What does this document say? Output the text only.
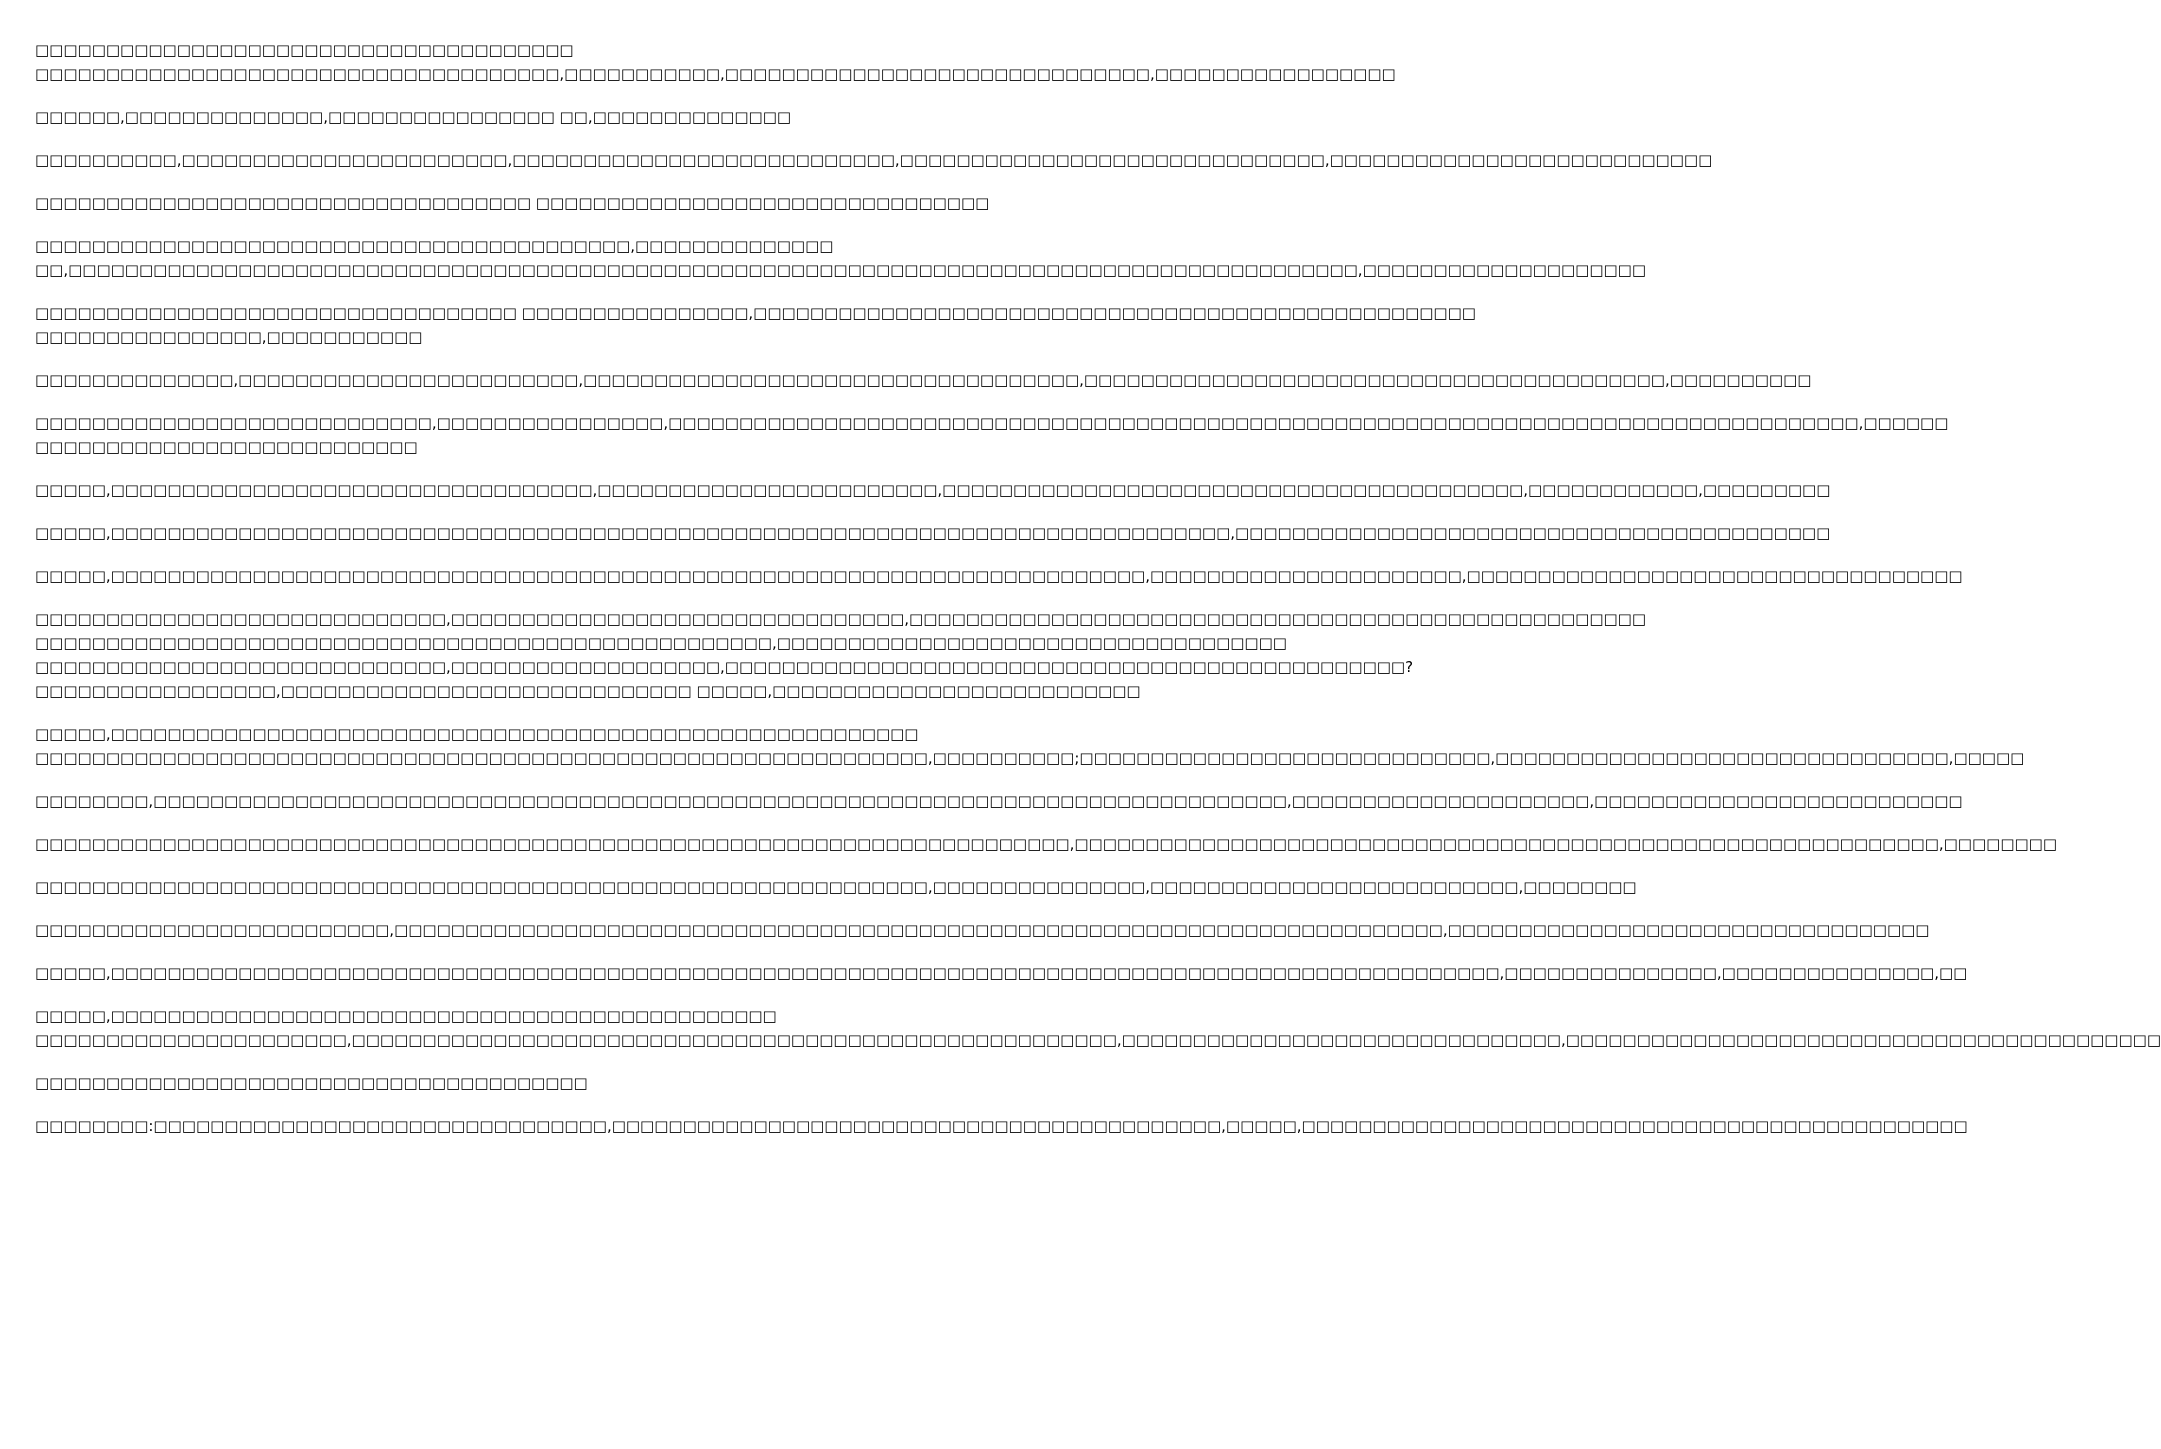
□□□□□□□□□□□□□□□□□□□□□□□□□□□□□□□□□□□□□□
□□□□□□□□□□□□□□□□□□□□□□□□□□□□□□□□□□□□□,□□□□□□□□□□□,□□□□□□□□□□□□□□□□□□□□□□□□□□□□□□,□□□□□□□□□□□□□□□□□
□□□□□□,□□□□□□□□□□□□□□,□□□□□□□□□□□□□□□□ □□,□□□□□□□□□□□□□□
□□□□□□□□□□,□□□□□□□□□□□□□□□□□□□□□□□,□□□□□□□□□□□□□□□□□□□□□□□□□□□,□□□□□□□□□□□□□□□□□□□□□□□□□□□□□□,□□□□□□□□□□□□□□□□□□□□□□□□□□□
□□□□□□□□□□□□□□□□□□□□□□□□□□□□□□□□□□□ □□□□□□□□□□□□□□□□□□□□□□□□□□□□□□□□
□□□□□□□□□□□□□□□□□□□□□□□□□□□□□□□□□□□□□□□□□□,□□□□□□□□□□□□□□
□□,□□□□□□□□□□□□□□□□□□□□□□□□□□□□□□□□□□□□□□□□□□□□□□□□□□□□□□□□□□□□□□□□□□□□□□□□□□□□□□□□□□□□□□□□□□□,□□□□□□□□□□□□□□□□□□□□
□□□□□□□□□□□□□□□□□□□□□□□□□□□□□□□□□□ □□□□□□□□□□□□□□□□,□□□□□□□□□□□□□□□□□□□□□□□□□□□□□□□□□□□□□□□□□□□□□□□□□□□
□□□□□□□□□□□□□□□□,□□□□□□□□□□□
□□□□□□□□□□□□□□,□□□□□□□□□□□□□□□□□□□□□□□□,□□□□□□□□□□□□□□□□□□□□□□□□□□□□□□□□□□□,□□□□□□□□□□□□□□□□□□□□□□□□□□□□□□□□□□□□□□□□□,□□□□□□□□□□
□□□□□□□□□□□□□□□□□□□□□□□□□□□□,□□□□□□□□□□□□□□□□,□□□□□□□□□□□□□□□□□□□□□□□□□□□□□□□□□□□□□□□□□□□□□□□□□□□□□□□□□□□□□□□□□□□□□□□□□□□□□□□□□□□□,□□□□□□
□□□□□□□□□□□□□□□□□□□□□□□□□□□
□□□□□,□□□□□□□□□□□□□□□□□□□□□□□□□□□□□□□□□□,□□□□□□□□□□□□□□□□□□□□□□□□,□□□□□□□□□□□□□□□□□□□□□□□□□□□□□□□□□□□□□□□□□,□□□□□□□□□□□□,□□□□□□□□□
□□□□□,□□□□□□□□□□□□□□□□□□□□□□□□□□□□□□□□□□□□□□□□□□□□□□□□□□□□□□□□□□□□□□□□□□□□□□□□□□□□□□□,□□□□□□□□□□□□□□□□□□□□□□□□□□□□□□□□□□□□□□□□□□
□□□□□,□□□□□□□□□□□□□□□□□□□□□□□□□□□□□□□□□□□□□□□□□□□□□□□□□□□□□□□□□□□□□□□□□□□□□□□□□,□□□□□□□□□□□□□□□□□□□□□□,□□□□□□□□□□□□□□□□□□□□□□□□□□□□□□□□□□□
□□□□□□□□□□□□□□□□□□□□□□□□□□□□□,□□□□□□□□□□□□□□□□□□□□□□□□□□□□□□□□,□□□□□□□□□□□□□□□□□□□□□□□□□□□□□□□□□□□□□□□□□□□□□□□□□□□□
□□□□□□□□□□□□□□□□□□□□□□□□□□□□□□□□□□□□□□□□□□□□□□□□□□□□,□□□□□□□□□□□□□□□□□□□□□□□□□□□□□□□□□□□□
□□□□□□□□□□□□□□□□□□□□□□□□□□□□□,□□□□□□□□□□□□□□□□□□□,□□□□□□□□□□□□□□□□□□□□□□□□□□□□□□□□□□□□□□□□□□□□□□□□?
□□□□□□□□□□□□□□□□□,□□□□□□□□□□□□□□□□□□□□□□□□□□□□□ □□□□□,□□□□□□□□□□□□□□□□□□□□□□□□□□
□□□□□,□□□□□□□□□□□□□□□□□□□□□□□□□□□□□□□□□□□□□□□□□□□□□□□□□□□□□□□□□
□□□□□□□□□□□□□□□□□□□□□□□□□□□□□□□□□□□□□□□□□□□□□□□□□□□□□□□□□□□□□□□,□□□□□□□□□□;□□□□□□□□□□□□□□□□□□□□□□□□□□□□□,□□□□□□□□□□□□□□□□□□□□□□□□□□□□□□□□,□□□□□
□□□□□□□□,□□□□□□□□□□□□□□□□□□□□□□□□□□□□□□□□□□□□□□□□□□□□□□□□□□□□□□□□□□□□□□□□□□□□□□□□□□□□□□□□,□□□□□□□□□□□□□□□□□□□□□,□□□□□□□□□□□□□□□□□□□□□□□□□□
□□□□□□□□□□□□□□□□□□□□□□□□□□□□□□□□□□□□□□□□□□□□□□□□□□□□□□□□□□□□□□□□□□□□□□□□□,□□□□□□□□□□□□□□□□□□□□□□□□□□□□□□□□□□□□□□□□□□□□□□□□□□□□□□□□□□□□□,□□□□□□□□
□□□□□□□□□□□□□□□□□□□□□□□□□□□□□□□□□□□□□□□□□□□□□□□□□□□□□□□□□□□□□□□,□□□□□□□□□□□□□□□,□□□□□□□□□□□□□□□□□□□□□□□□□□,□□□□□□□□
□□□□□□□□□□□□□□□□□□□□□□□□□,□□□□□□□□□□□□□□□□□□□□□□□□□□□□□□□□□□□□□□□□□□□□□□□□□□□□□□□□□□□□□□□□□□□□□□□□□□,□□□□□□□□□□□□□□□□□□□□□□□□□□□□□□□□□□
□□□□□,□□□□□□□□□□□□□□□□□□□□□□□□□□□□□□□□□□□□□□□□□□□□□□□□□□□□□□□□□□□□□□□□□□□□□□□□□□□□□□□□□□□□□□□□□□□□□□□□□□,□□□□□□□□□□□□□□□,□□□□□□□□□□□□□□□,□□
□□□□□,□□□□□□□□□□□□□□□□□□□□□□□□□□□□□□□□□□□□□□□□□□□□□□□
□□□□□□□□□□□□□□□□□□□□□□,□□□□□□□□□□□□□□□□□□□□□□□□□□□□□□□□□□□□□□□□□□□□□□□□□□□□□□,□□□□□□□□□□□□□□□□□□□□□□□□□□□□□□□,□□□□□□□□□□□□□□□□□□□□□□□□□□□□□□□□□□□□□□□□□□
□□□□□□□□□□□□□□□□□□□□□□□□□□□□□□□□□□□□□□□
□□□□□□□□:□□□□□□□□□□□□□□□□□□□□□□□□□□□□□□□□,□□□□□□□□□□□□□□□□□□□□□□□□□□□□□□□□□□□□□□□□□□□,□□□□□,□□□□□□□□□□□□□□□□□□□□□□□□□□□□□□□□□□□□□□□□□□□□□□□
